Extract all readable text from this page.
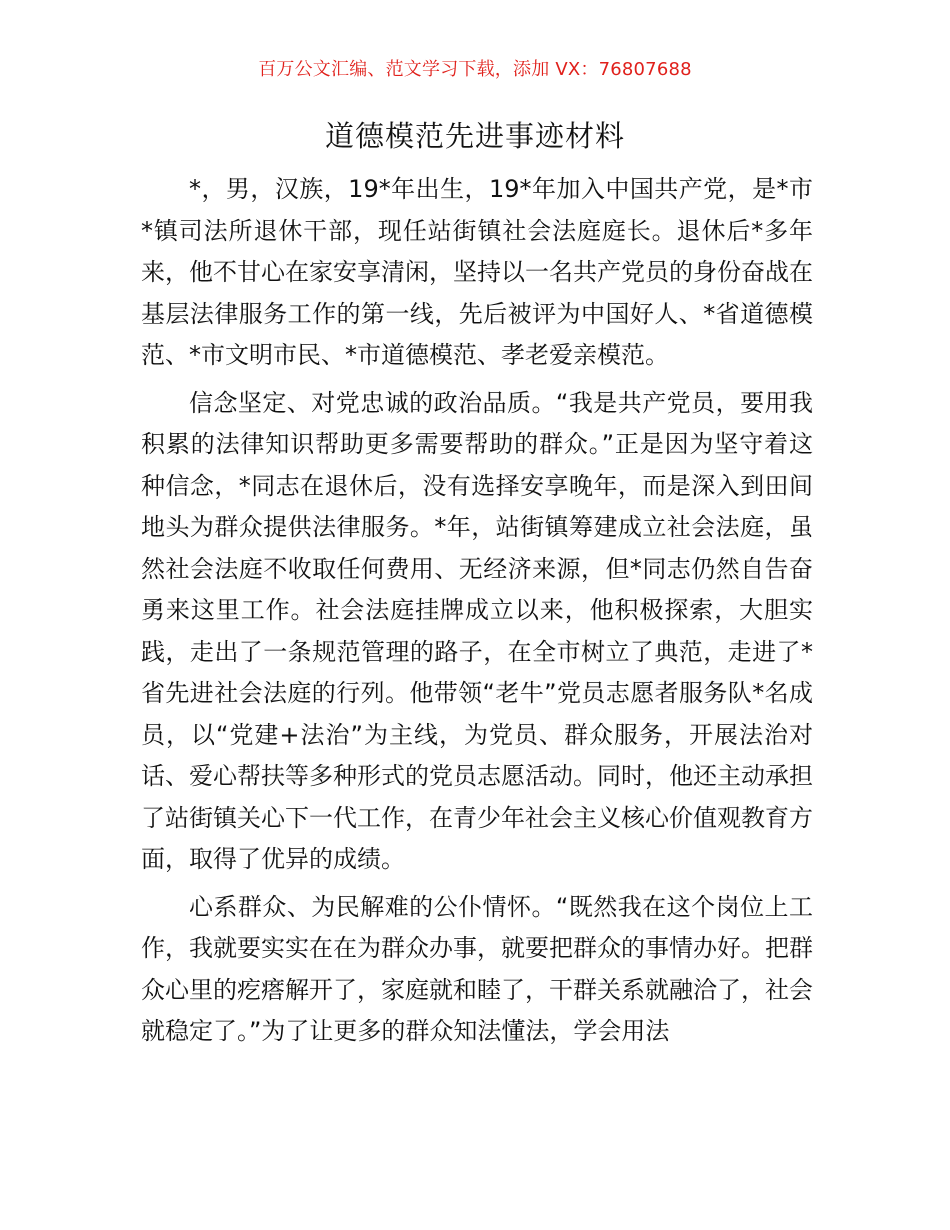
百万公文汇编、范文学习下载，添加 VX：76807688
道德模范先进事迹材料

*，男，汉族，19*年出生，19*年加入中国共产党，是*市*镇司法所退休干部，现任站街镇社会法庭庭长。退休后*多年来，他不甘心在家安享清闲，坚持以一名共产党员的身份奋战在基层法律服务工作的第一线，先后被评为中国好人、*省道德模范、*市文明市民、*市道德模范、孝老爱亲模范。

信念坚定、对党忠诚的政治品质。“我是共产党员，要用我积累的法律知识帮助更多需要帮助的群众。”正是因为坚守着这种信念，*同志在退休后，没有选择安享晚年，而是深入到田间地头为群众提供法律服务。*年，站街镇筹建成立社会法庭，虽然社会法庭不收取任何费用、无经济来源，但*同志仍然自告奋勇来这里工作。社会法庭挂牌成立以来，他积极探索，大胆实践，走出了一条规范管理的路子，在全市树立了典范，走进了*省先进社会法庭的行列。他带领“老牛”党员志愿者服务队*名成员，以“党建+法治”为主线，为党员、群众服务，开展法治对话、爱心帮扶等多种形式的党员志愿活动。同时，他还主动承担了站街镇关心下一代工作，在青少年社会主义核心价值观教育方面，取得了优异的成绩。

心系群众、为民解难的公仆情怀。“既然我在这个岗位上工作，我就要实实在在为群众办事，就要把群众的事情办好。把群众心里的疙瘩解开了，家庭就和睦了，干群关系就融洽了，社会就稳定了。”为了让更多的群众知法懂法，学会用法
